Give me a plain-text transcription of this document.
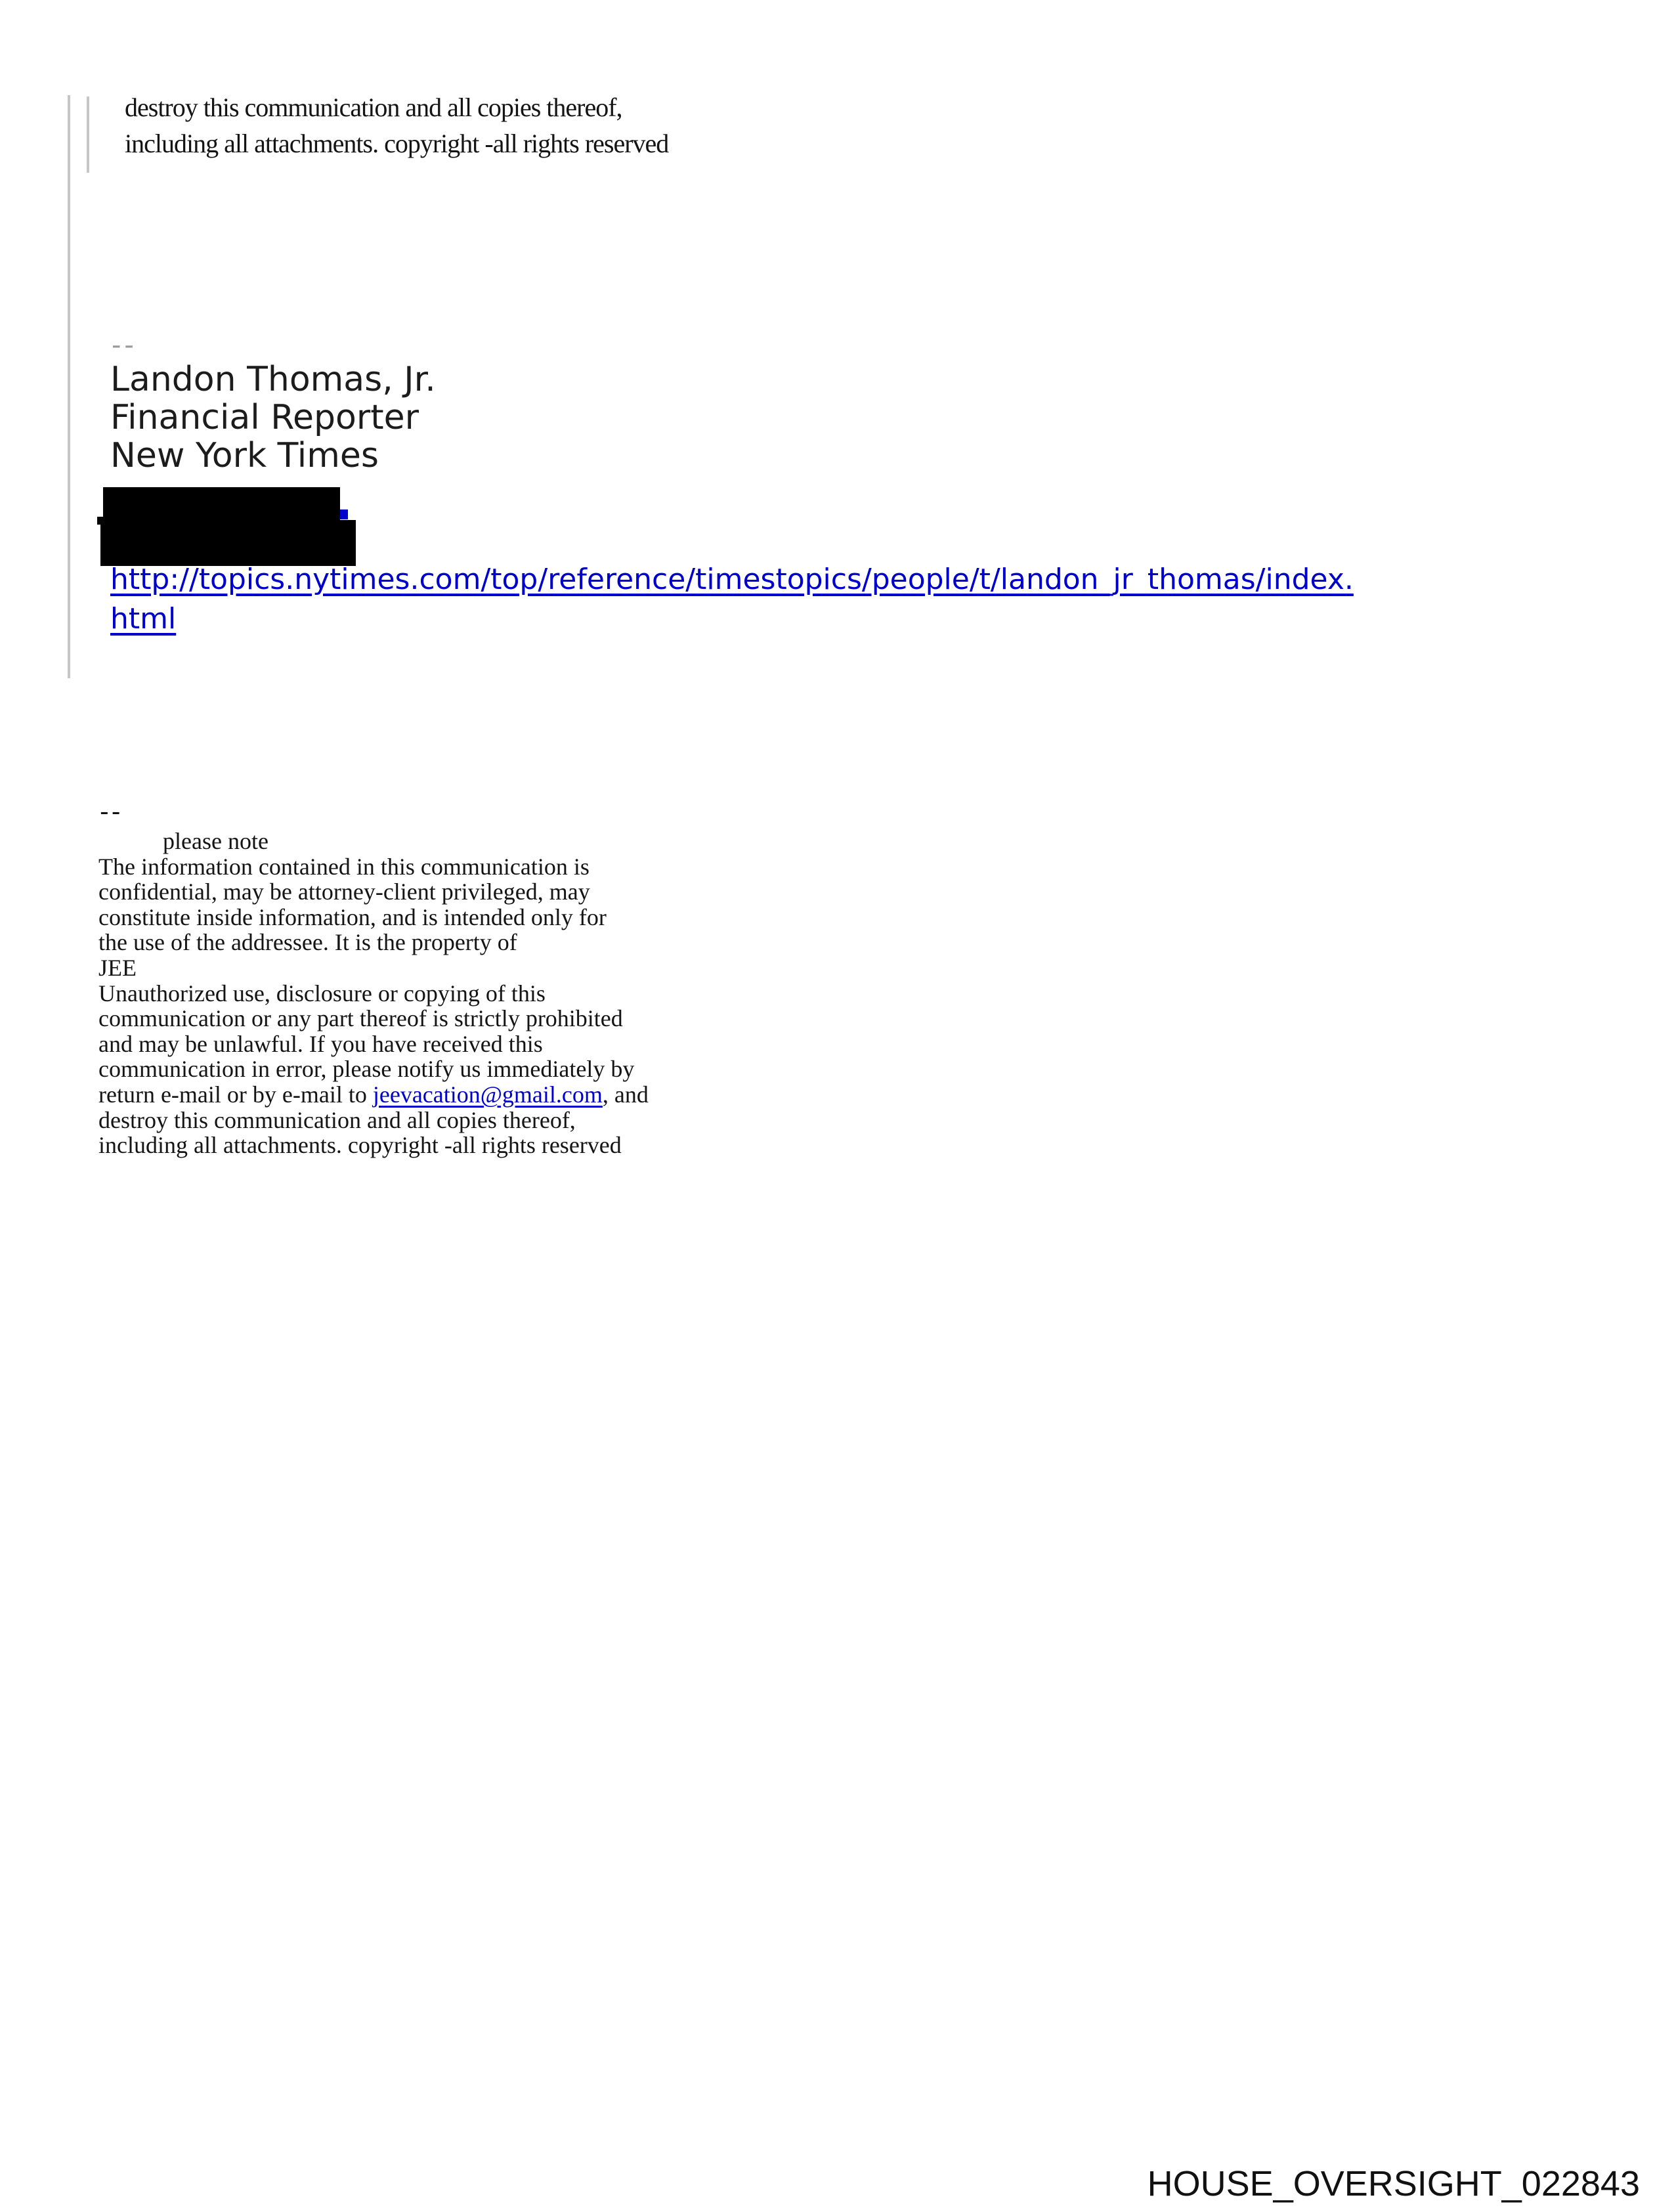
destroy this communication and all copies thereof,
including all attachments. copyright -all rights reserved
--
Landon Thomas, Jr.
Financial Reporter
New York Times
http://topics.nytimes.com/top/reference/timestopics/people/t/landon_jr_thomas/index.
html
--
please note
The information contained in this communication is
confidential, may be attorney-client privileged, may
constitute inside information, and is intended only for
the use of the addressee. It is the property of
JEE
Unauthorized use, disclosure or copying of this
communication or any part thereof is strictly prohibited
and may be unlawful. If you have received this
communication in error, please notify us immediately by
return e-mail or by e-mail to jeevacation@gmail.com, and
destroy this communication and all copies thereof,
including all attachments. copyright -all rights reserved
HOUSE_OVERSIGHT_022843
